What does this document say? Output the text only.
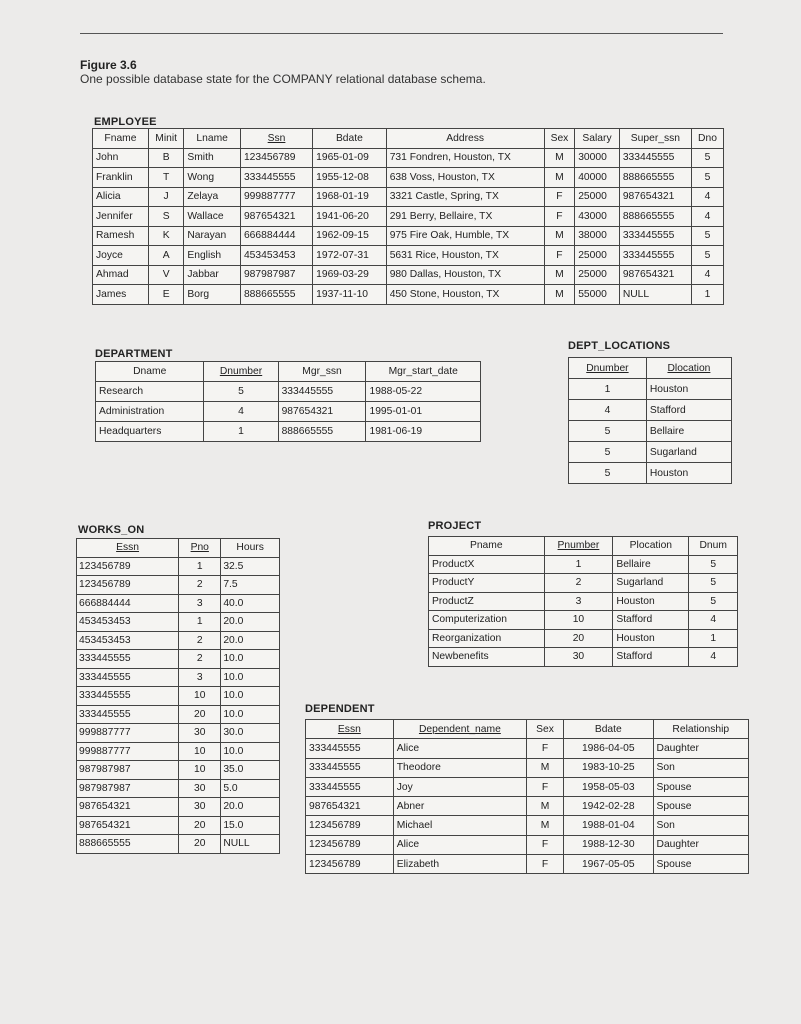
Figure 3.6
One possible database state for the COMPANY relational database schema.
EMPLOYEE
Fname	Minit	Lname	Ssn	Bdate	Address	Sex	Salary	Super_ssn	Dno
John	B	Smith	123456789	1965-01-09	731 Fondren, Houston, TX	M	30000	333445555	5
Franklin	T	Wong	333445555	1955-12-08	638 Voss, Houston, TX	M	40000	888665555	5
Alicia	J	Zelaya	999887777	1968-01-19	3321 Castle, Spring, TX	F	25000	987654321	4
Jennifer	S	Wallace	987654321	1941-06-20	291 Berry, Bellaire, TX	F	43000	888665555	4
Ramesh	K	Narayan	666884444	1962-09-15	975 Fire Oak, Humble, TX	M	38000	333445555	5
Joyce	A	English	453453453	1972-07-31	5631 Rice, Houston, TX	F	25000	333445555	5
Ahmad	V	Jabbar	987987987	1969-03-29	980 Dallas, Houston, TX	M	25000	987654321	4
James	E	Borg	888665555	1937-11-10	450 Stone, Houston, TX	M	55000	NULL	1
DEPARTMENT
Dname	Dnumber	Mgr_ssn	Mgr_start_date
Research	5	333445555	1988-05-22
Administration	4	987654321	1995-01-01
Headquarters	1	888665555	1981-06-19
DEPT_LOCATIONS
Dnumber	Dlocation
1	Houston
4	Stafford
5	Bellaire
5	Sugarland
5	Houston
WORKS_ON
Essn	Pno	Hours
123456789	1	32.5
123456789	2	7.5
666884444	3	40.0
453453453	1	20.0
453453453	2	20.0
333445555	2	10.0
333445555	3	10.0
333445555	10	10.0
333445555	20	10.0
999887777	30	30.0
999887777	10	10.0
987987987	10	35.0
987987987	30	5.0
987654321	30	20.0
987654321	20	15.0
888665555	20	NULL
PROJECT
Pname	Pnumber	Plocation	Dnum
ProductX	1	Bellaire	5
ProductY	2	Sugarland	5
ProductZ	3	Houston	5
Computerization	10	Stafford	4
Reorganization	20	Houston	1
Newbenefits	30	Stafford	4
DEPENDENT
Essn	Dependent_name	Sex	Bdate	Relationship
333445555	Alice	F	1986-04-05	Daughter
333445555	Theodore	M	1983-10-25	Son
333445555	Joy	F	1958-05-03	Spouse
987654321	Abner	M	1942-02-28	Spouse
123456789	Michael	M	1988-01-04	Son
123456789	Alice	F	1988-12-30	Daughter
123456789	Elizabeth	F	1967-05-05	Spouse
